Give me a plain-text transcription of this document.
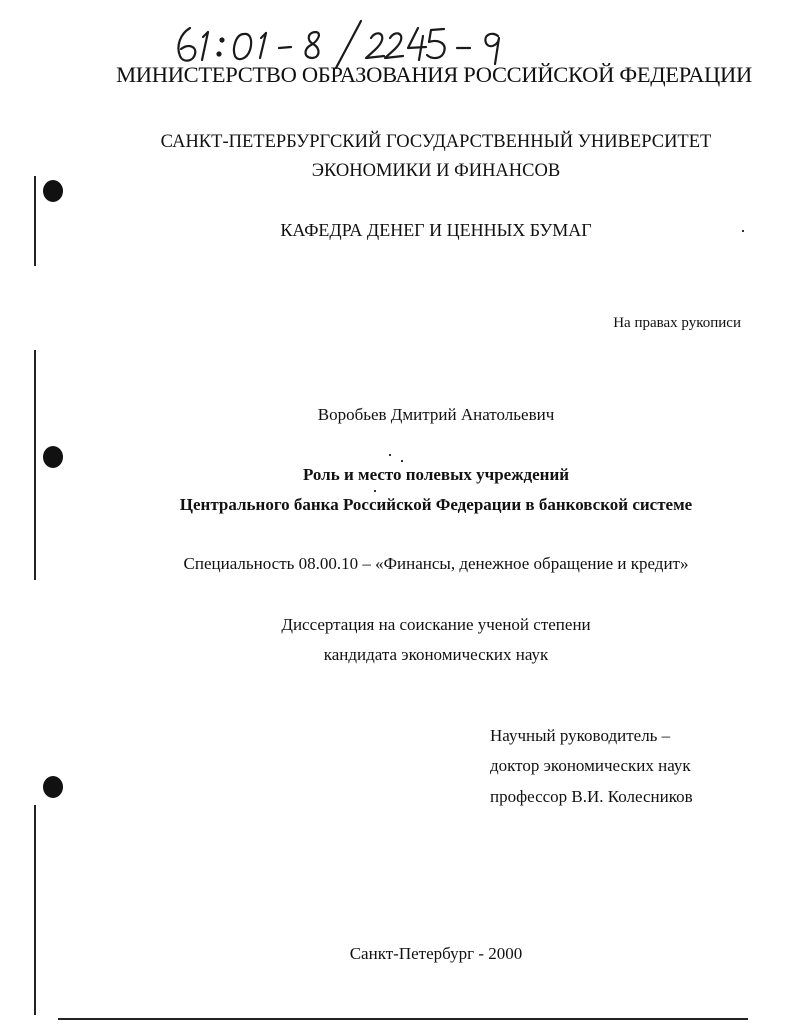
МИНИСТЕРСТВО ОБРАЗОВАНИЯ РОССИЙСКОЙ ФЕДЕРАЦИИ
САНКТ-ПЕТЕРБУРГСКИЙ ГОСУДАРСТВЕННЫЙ УНИВЕРСИТЕТ
ЭКОНОМИКИ И ФИНАНСОВ
КАФЕДРА ДЕНЕГ И ЦЕННЫХ БУМАГ
На правах рукописи
Воробьев Дмитрий Анатольевич
Роль и место полевых учреждений
Центрального банка Российской Федерации в банковской системе
Специальность 08.00.10 – «Финансы, денежное обращение и кредит»
Диссертация на соискание ученой степени
кандидата экономических наук
Научный руководитель –
доктор экономических наук
профессор В.И. Колесников
Санкт-Петербург - 2000
